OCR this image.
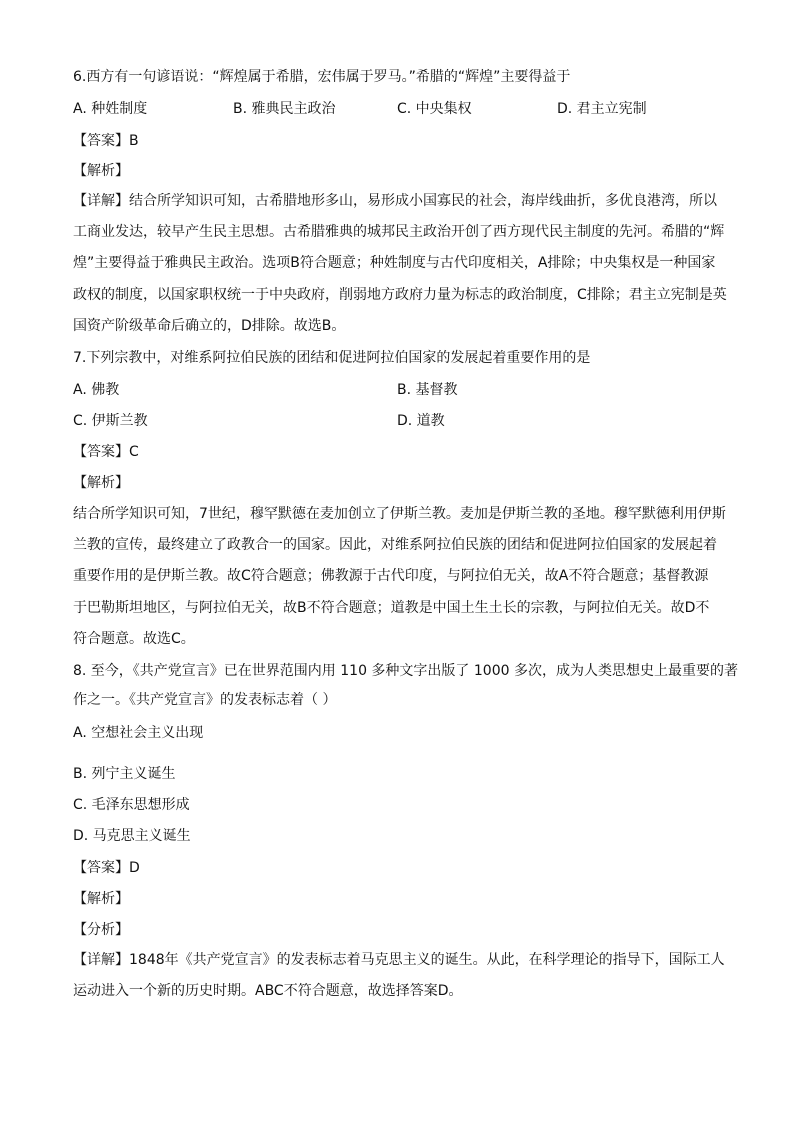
6.西方有一句谚语说：“辉煌属于希腊，宏伟属于罗马。”希腊的“辉煌”主要得益于
A. 种姓制度	B. 雅典民主政治	C. 中央集权	D. 君主立宪制
【答案】B
【解析】
【详解】结合所学知识可知，古希腊地形多山，易形成小国寡民的社会，海岸线曲折，多优良港湾，所以
工商业发达，较早产生民主思想。古希腊雅典的城邦民主政治开创了西方现代民主制度的先河。希腊的“辉
煌”主要得益于雅典民主政治。选项B符合题意；种姓制度与古代印度相关，A排除；中央集权是一种国家
政权的制度，以国家职权统一于中央政府，削弱地方政府力量为标志的政治制度，C排除；君主立宪制是英
国资产阶级革命后确立的，D排除。故选B。
7.下列宗教中，对维系阿拉伯民族的团结和促进阿拉伯国家的发展起着重要作用的是
A. 佛教	B. 基督教
C. 伊斯兰教	D. 道教
【答案】C
【解析】
结合所学知识可知，7世纪，穆罕默德在麦加创立了伊斯兰教。麦加是伊斯兰教的圣地。穆罕默德利用伊斯
兰教的宣传，最终建立了政教合一的国家。因此，对维系阿拉伯民族的团结和促进阿拉伯国家的发展起着
重要作用的是伊斯兰教。故C符合题意；佛教源于古代印度，与阿拉伯无关，故A不符合题意；基督教源
于巴勒斯坦地区，与阿拉伯无关，故B不符合题意；道教是中国土生土长的宗教，与阿拉伯无关。故D不
符合题意。故选C。
8. 至今，《共产党宣言》已在世界范围内用 110 多种文字出版了 1000 多次，成为人类思想史上最重要的著
作之一。《共产党宣言》的发表标志着（ ）
A. 空想社会主义出现
B. 列宁主义诞生
C. 毛泽东思想形成
D. 马克思主义诞生
【答案】D
【解析】
【分析】
【详解】1848年《共产党宣言》的发表标志着马克思主义的诞生。从此，在科学理论的指导下，国际工人
运动进入一个新的历史时期。ABC不符合题意，故选择答案D。
